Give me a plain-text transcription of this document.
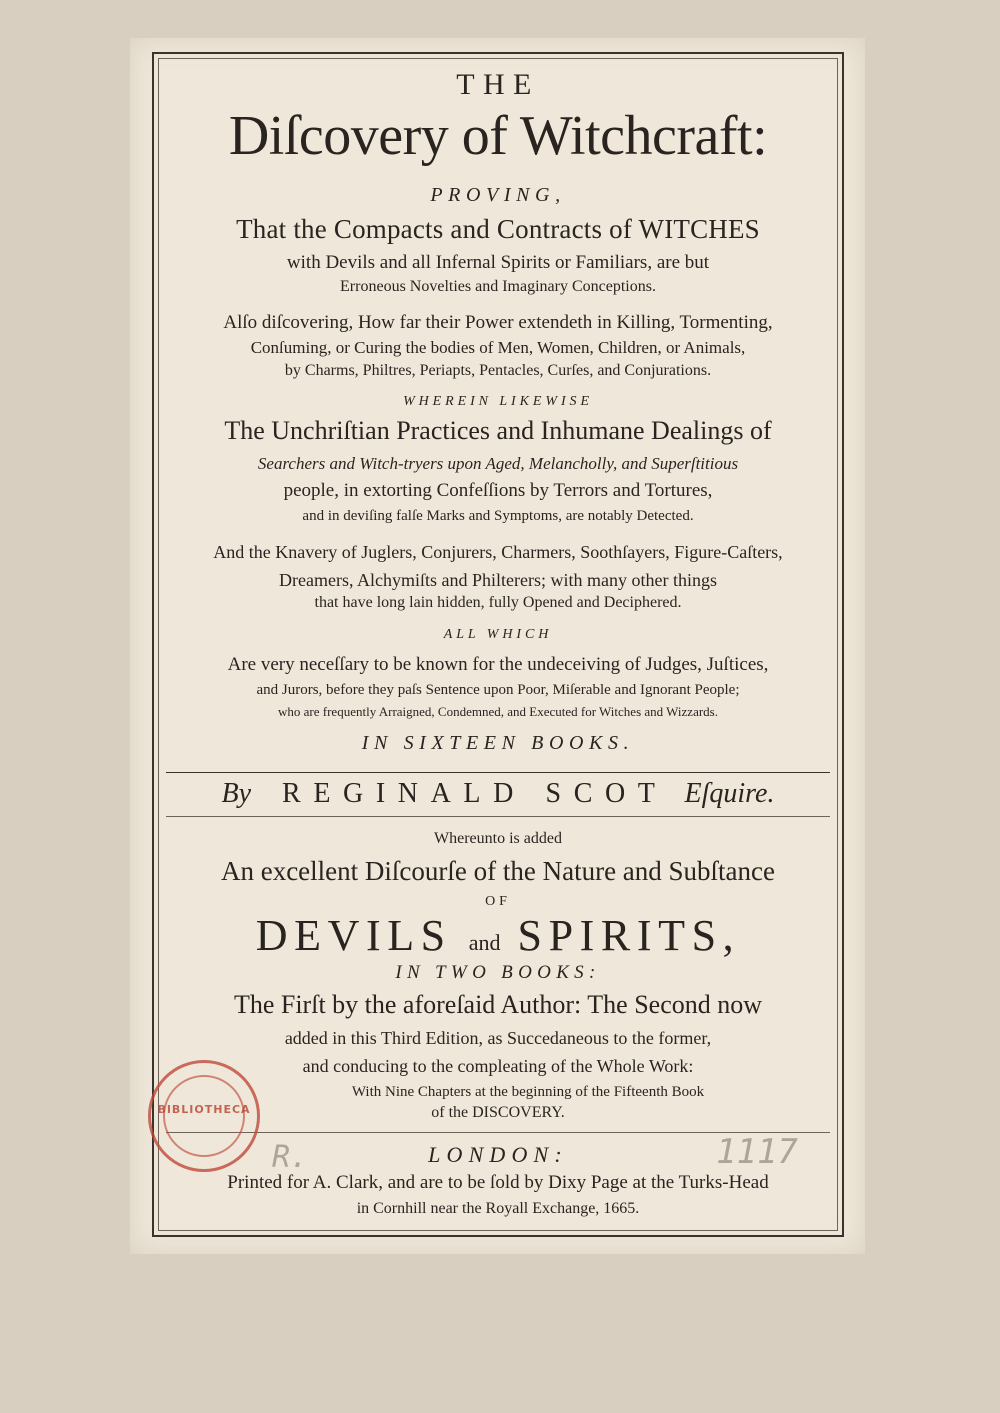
THE
Diſcovery of Witchcraft:
PROVING,
That the Compacts and Contracts of WITCHES
with Devils and all Infernal Spirits or Familiars, are but
Erroneous Novelties and Imaginary Conceptions.
Alſo diſcovering, How far their Power extendeth in Killing, Tormenting,
Conſuming, or Curing the bodies of Men, Women, Children, or Animals,
by Charms, Philtres, Periapts, Pentacles, Curſes, and Conjurations.
WHEREIN LIKEWISE
The Unchriſtian Practices and Inhumane Dealings of
Searchers and Witch-tryers upon Aged, Melancholly, and Superſtitious
people, in extorting Confeſſions by Terrors and Tortures,
and in deviſing falſe Marks and Symptoms, are notably Detected.
And the Knavery of Juglers, Conjurers, Charmers, Soothſayers, Figure-Caſters,
Dreamers, Alchymiſts and Philterers; with many other things
that have long lain hidden, fully Opened and Deciphered.
ALL WHICH
Are very neceſſary to be known for the undeceiving of Judges, Juſtices,
and Jurors, before they paſs Sentence upon Poor, Miſerable and Ignorant People;
who are frequently Arraigned, Condemned, and Executed for Witches and Wizzards.
IN SIXTEEN BOOKS.
By REGINALD SCOT Eſquire.
Whereunto is added
An excellent Diſcourſe of the Nature and Subſtance
OF
DEVILS and SPIRITS,
IN TWO BOOKS:
The Firſt by the aforeſaid Author: The Second now
added in this Third Edition, as Succedaneous to the former,
and conducing to the compleating of the Whole Work:
With Nine Chapters at the beginning of the Fifteenth Book
of the DISCOVERY.
LONDON:
Printed for A. Clark, and are to be ſold by Dixy Page at the Turks-Head
in Cornhill near the Royall Exchange, 1665.
BIBLIOTHECA
R.	1117
